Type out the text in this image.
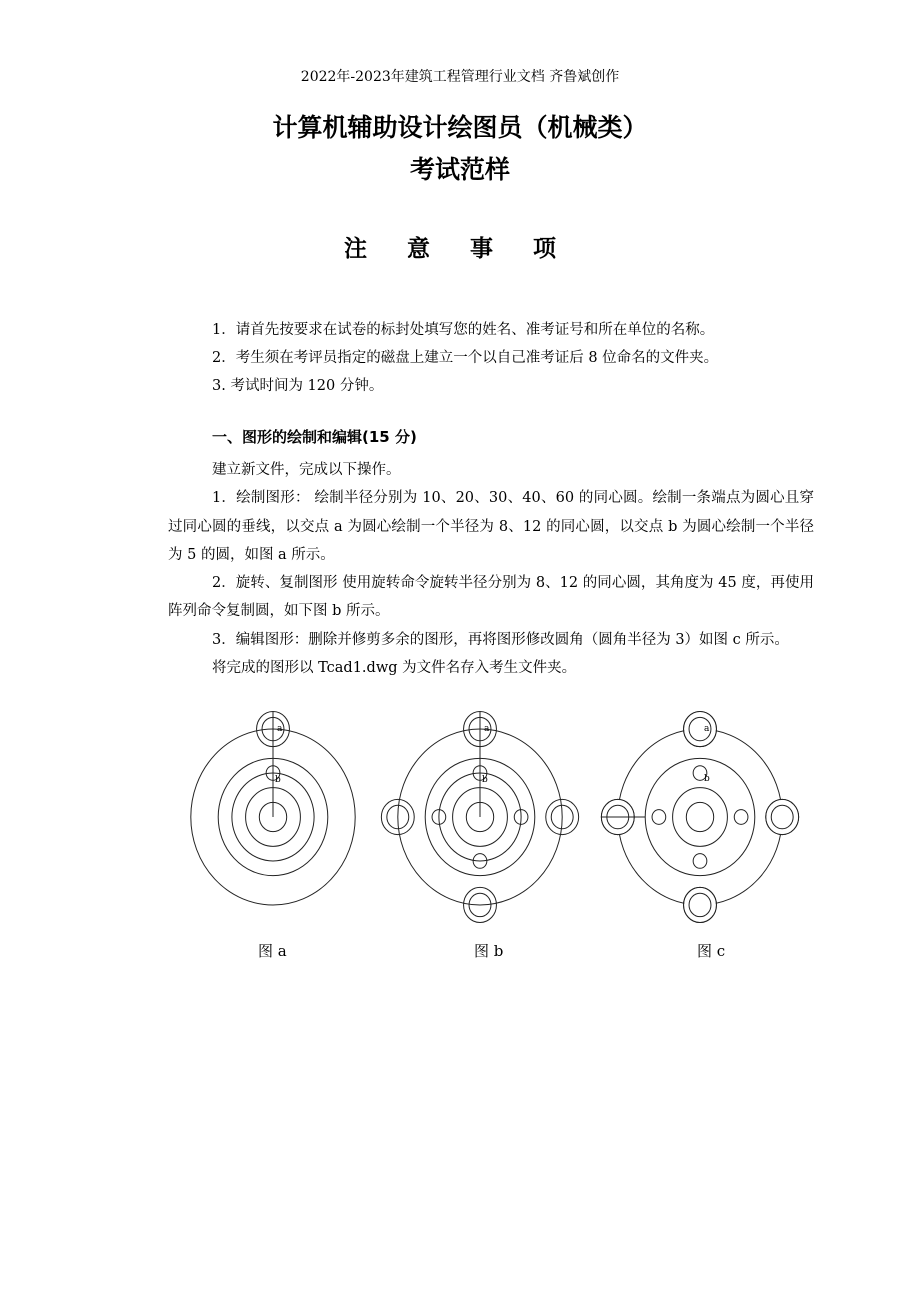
2022年-2023年建筑工程管理行业文档 齐鲁斌创作
计算机辅助设计绘图员（机械类）
考试范样
注意事项
1．请首先按要求在试卷的标封处填写您的姓名、准考证号和所在单位的名称。
2．考生须在考评员指定的磁盘上建立一个以自己准考证后 8 位命名的文件夹。
3. 考试时间为 120 分钟。
一、图形的绘制和编辑(15 分)

建立新文件，完成以下操作。

1．绘制图形： 绘制半径分别为 10、20、30、40、60 的同心圆。绘制一条端点为圆心且穿过同心圆的垂线，以交点 a 为圆心绘制一个半径为 8、12 的同心圆，以交点 b 为圆心绘制一个半径为 5 的圆，如图 a 所示。

2．旋转、复制图形 使用旋转命令旋转半径分别为 8、12 的同心圆，其角度为 45 度，再使用阵列命令复制圆，如下图 b 所示。

3．编辑图形：删除并修剪多余的图形，再将图形修改圆角（圆角半径为 3）如图 c 所示。

将完成的图形以 Tcad1.dwg 为文件名存入考生文件夹。

a
b
a
b
a
b
图 a	图 b	图 c
